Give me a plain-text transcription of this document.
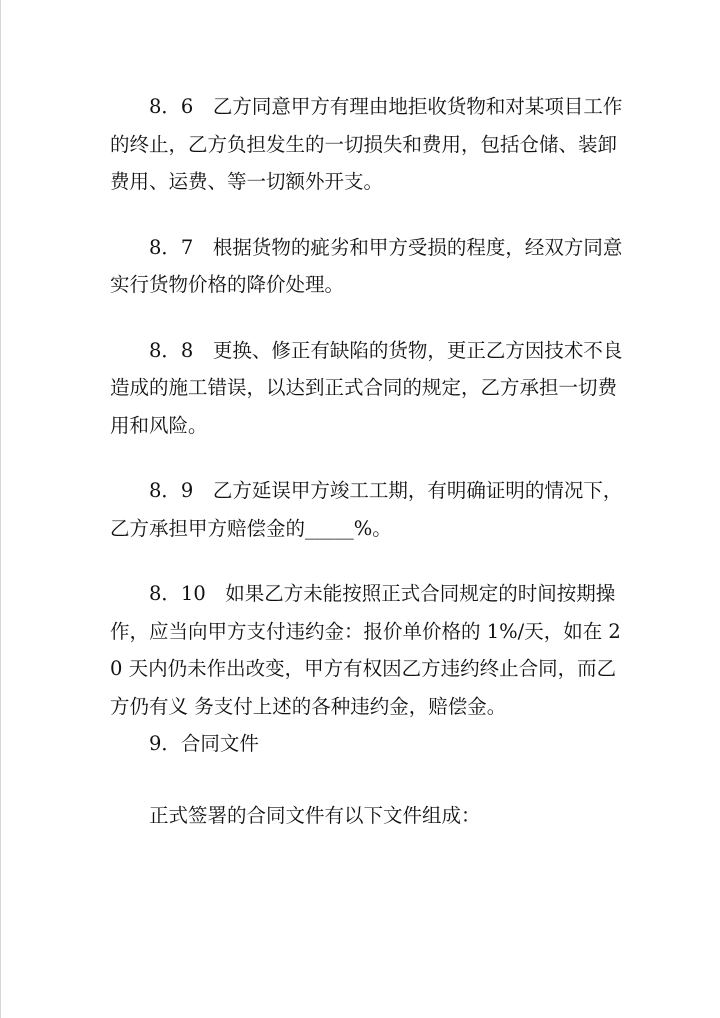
8．6　乙方同意甲方有理由地拒收货物和对某项目工作的终止，乙方负担发生的一切损失和费用，包括仓储、装卸费用、运费、等一切额外开支。

8．7　根据货物的疵劣和甲方受损的程度，经双方同意实行货物价格的降价处理。

8．8　更换、修正有缺陷的货物，更正乙方因技术不良造成的施工错误，以达到正式合同的规定，乙方承担一切费用和风险。

8．9　乙方延误甲方竣工工期，有明确证明的情况下，乙方承担甲方赔偿金的_____%。

8．10　如果乙方未能按照正式合同规定的时间按期操作，应当向甲方支付违约金：报价单价格的 1%/天，如在 20 天内仍未作出改变，甲方有权因乙方违约终止合同，而乙方仍有义 务支付上述的各种违约金，赔偿金。

9．合同文件

正式签署的合同文件有以下文件组成：
